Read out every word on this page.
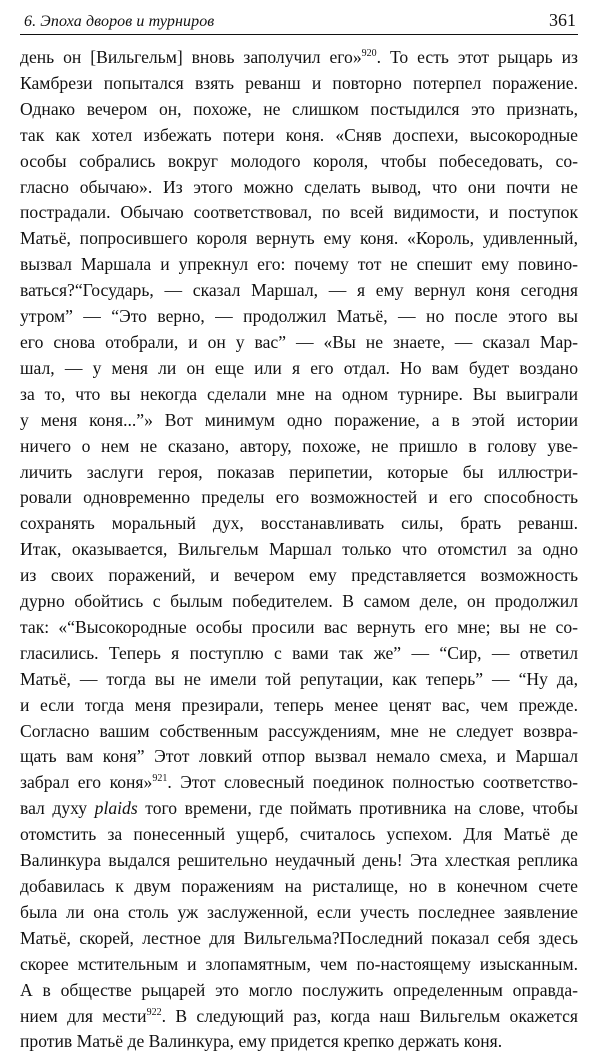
6. Эпоха дворов и турниров	361
день он [Вильгельм] вновь заполучил его»$^{920}$. То есть этот рыцарь из
Камбрези попытался взять реванш и повторно потерпел поражение.
Однако вечером он, похоже, не слишком постыдился это признать,
так как хотел избежать потери коня. «Сняв доспехи, высокородные
особы собрались вокруг молодого короля, чтобы побеседовать, со-
гласно обычаю». Из этого можно сделать вывод, что они почти не
пострадали. Обычаю соответствовал, по всей видимости, и поступок
Матьё, попросившего короля вернуть ему коня. «Король, удивленный,
вызвал Маршала и упрекнул его: почему тот не спешит ему повино-
ваться?“Государь, — сказал Маршал, — я ему вернул коня сегодня
утром” — “Это верно, — продолжил Матьё, — но после этого вы
его снова отобрали, и он у вас” — «Вы не знаете, — сказал Мар-
шал, — у меня ли он еще или я его отдал. Но вам будет воздано
за то, что вы некогда сделали мне на одном турнире. Вы выиграли
у меня коня...”» Вот минимум одно поражение, а в этой истории
ничего о нем не сказано, автору, похоже, не пришло в голову уве-
личить заслуги героя, показав перипетии, которые бы иллюстри-
ровали одновременно пределы его возможностей и его способность
сохранять моральный дух, восстанавливать силы, брать реванш.
Итак, оказывается, Вильгельм Маршал только что отомстил за одно
из своих поражений, и вечером ему представляется возможность
дурно обойтись с былым победителем. В самом деле, он продолжил
так: «“Высокородные особы просили вас вернуть его мне; вы не со-
гласились. Теперь я поступлю с вами так же” — “Сир, — ответил
Матьё, — тогда вы не имели той репутации, как теперь” — “Ну да,
и если тогда меня презирали, теперь менее ценят вас, чем прежде.
Согласно вашим собственным рассуждениям, мне не следует возвра-
щать вам коня” Этот ловкий отпор вызвал немало смеха, и Маршал
забрал его коня»$^{921}$. Этот словесный поединок полностью соответство-
вал духу plaids того времени, где поймать противника на слове, чтобы
отомстить за понесенный ущерб, считалось успехом. Для Матьё де
Валинкура выдался решительно неудачный день! Эта хлесткая реплика
добавилась к двум поражениям на ристалище, но в конечном счете
была ли она столь уж заслуженной, если учесть последнее заявление
Матьё, скорей, лестное для Вильгельма?Последний показал себя здесь
скорее мстительным и злопамятным, чем по-настоящему изысканным.
А в обществе рыцарей это могло послужить определенным оправда-
нием для мести$^{922}$. В следующий раз, когда наш Вильгельм окажется
против Матьё де Валинкура, ему придется крепко держать коня.
